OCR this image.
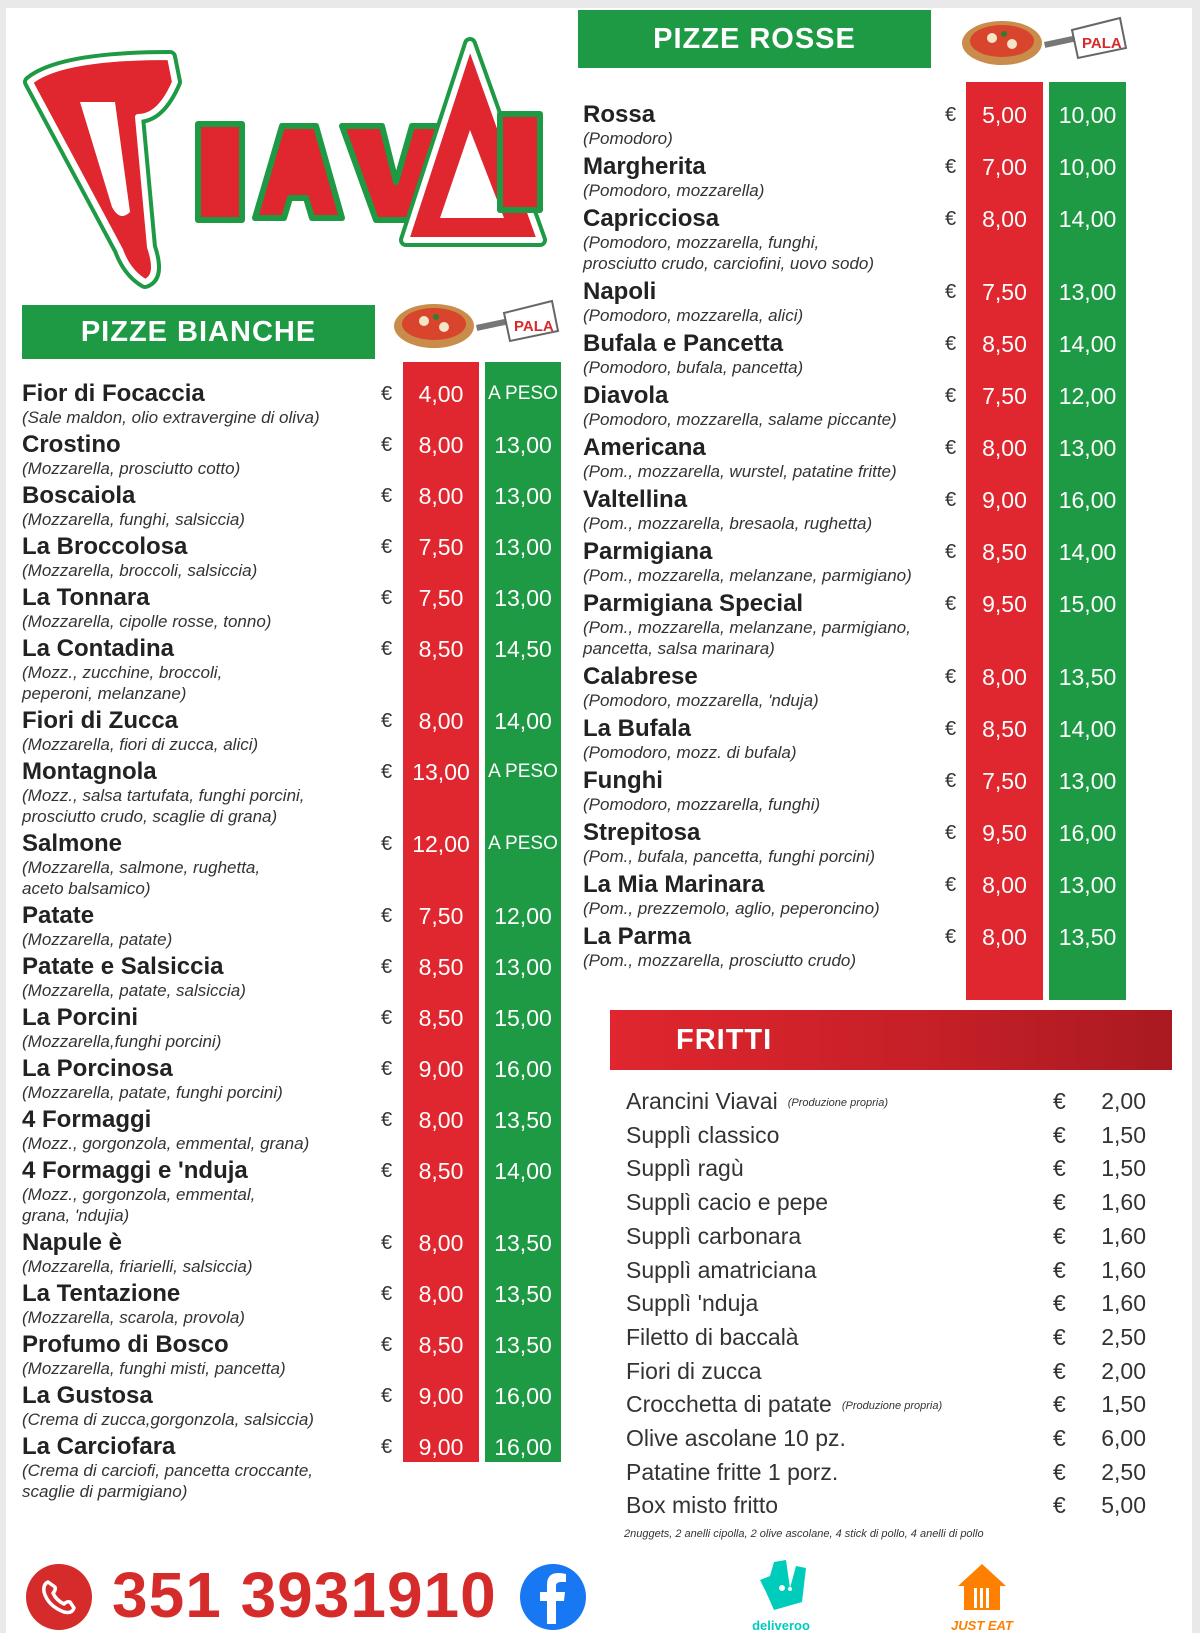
PIZZE BIANCHE	PALA
Fior di Focaccia
(Sale maldon, olio extravergine di oliva)
€	4,00	A PESO
Crostino
(Mozzarella, prosciutto cotto)
€	8,00	13,00
Boscaiola
(Mozzarella, funghi, salsiccia)
€	8,00	13,00
La Broccolosa
(Mozzarella, broccoli, salsiccia)
€	7,50	13,00
La Tonnara
(Mozzarella, cipolle rosse, tonno)
€	7,50	13,00
La Contadina
(Mozz., zucchine, broccoli,
peperoni, melanzane)
€	8,50	14,50
Fiori di Zucca
(Mozzarella, fiori di zucca, alici)
€	8,00	14,00
Montagnola
(Mozz., salsa tartufata, funghi porcini,
prosciutto crudo, scaglie di grana)
€ 13,00 A PESO
Salmone
(Mozzarella, salmone, rughetta,
aceto balsamico)
€ 12,00 A PESO
Patate
(Mozzarella, patate)
€	7,50	12,00
Patate e Salsiccia
(Mozzarella, patate, salsiccia)
€	8,50	13,00
La Porcini
(Mozzarella,funghi porcini)
€	8,50	15,00
La Porcinosa
(Mozzarella, patate, funghi porcini)
€	9,00	16,00
4 Formaggi
(Mozz., gorgonzola, emmental, grana)
€	8,00	13,50
4 Formaggi e 'nduja
(Mozz., gorgonzola, emmental,
grana, 'ndujia)
€	8,50	14,00
Napule è
(Mozzarella, friarielli, salsiccia)
€	8,00	13,50
La Tentazione
(Mozzarella, scarola, provola)
€	8,00	13,50
Profumo di Bosco
(Mozzarella, funghi misti, pancetta)
€	8,50	13,50
La Gustosa
(Crema di zucca,gorgonzola, salsiccia)
€	9,00	16,00
La Carciofara
(Crema di carciofi, pancetta croccante,
scaglie di parmigiano)
€	9,00	16,00
PIZZE ROSSE	PALA
Rossa
(Pomodoro)
€	5,00	10,00
Margherita
(Pomodoro, mozzarella)
€	7,00	10,00
Capricciosa
(Pomodoro, mozzarella, funghi,
prosciutto crudo, carciofini, uovo sodo)
€	8,00	14,00
Napoli
(Pomodoro, mozzarella, alici)
€	7,50	13,00
Bufala e Pancetta
(Pomodoro, bufala, pancetta)
€	8,50	14,00
Diavola
(Pomodoro, mozzarella, salame piccante)
€	7,50	12,00
Americana
(Pom., mozzarella, wurstel, patatine fritte)
€	8,00	13,00
Valtellina
(Pom., mozzarella, bresaola, rughetta)
€	9,00	16,00
Parmigiana
(Pom., mozzarella, melanzane, parmigiano)
€	8,50	14,00
Parmigiana Special
(Pom., mozzarella, melanzane, parmigiano,
pancetta, salsa marinara)
€	9,50	15,00
Calabrese
(Pomodoro, mozzarella, 'nduja)
€	8,00	13,50
La Bufala
(Pomodoro, mozz. di bufala)
€	8,50	14,00
Funghi
(Pomodoro, mozzarella, funghi)
€	7,50	13,00
Strepitosa
(Pom., bufala, pancetta, funghi porcini)
€	9,50	16,00
La Mia Marinara
(Pom., prezzemolo, aglio, peperoncino)
€	8,00	13,00
La Parma
(Pom., mozzarella, prosciutto crudo)
€	8,00	13,50
FRITTI
Arancini Viavai (Produzione propria)	€	2,00
Supplì classico	€	1,50
Supplì ragù	€	1,50
Supplì cacio e pepe	€	1,60
Supplì carbonara	€	1,60
Supplì amatriciana	€	1,60
Supplì 'nduja	€	1,60
Filetto di baccalà	€	2,50
Fiori di zucca	€	2,00
Crocchetta di patate (Produzione propria)	€	1,50
Olive ascolane 10 pz.	€	6,00
Patatine fritte 1 porz.	€	2,50
Box misto fritto	€	5,00
2nuggets, 2 anelli cipolla, 2 olive ascolane, 4 stick di pollo, 4 anelli di pollo
351 3931910	deliveroo	JUST EAT
